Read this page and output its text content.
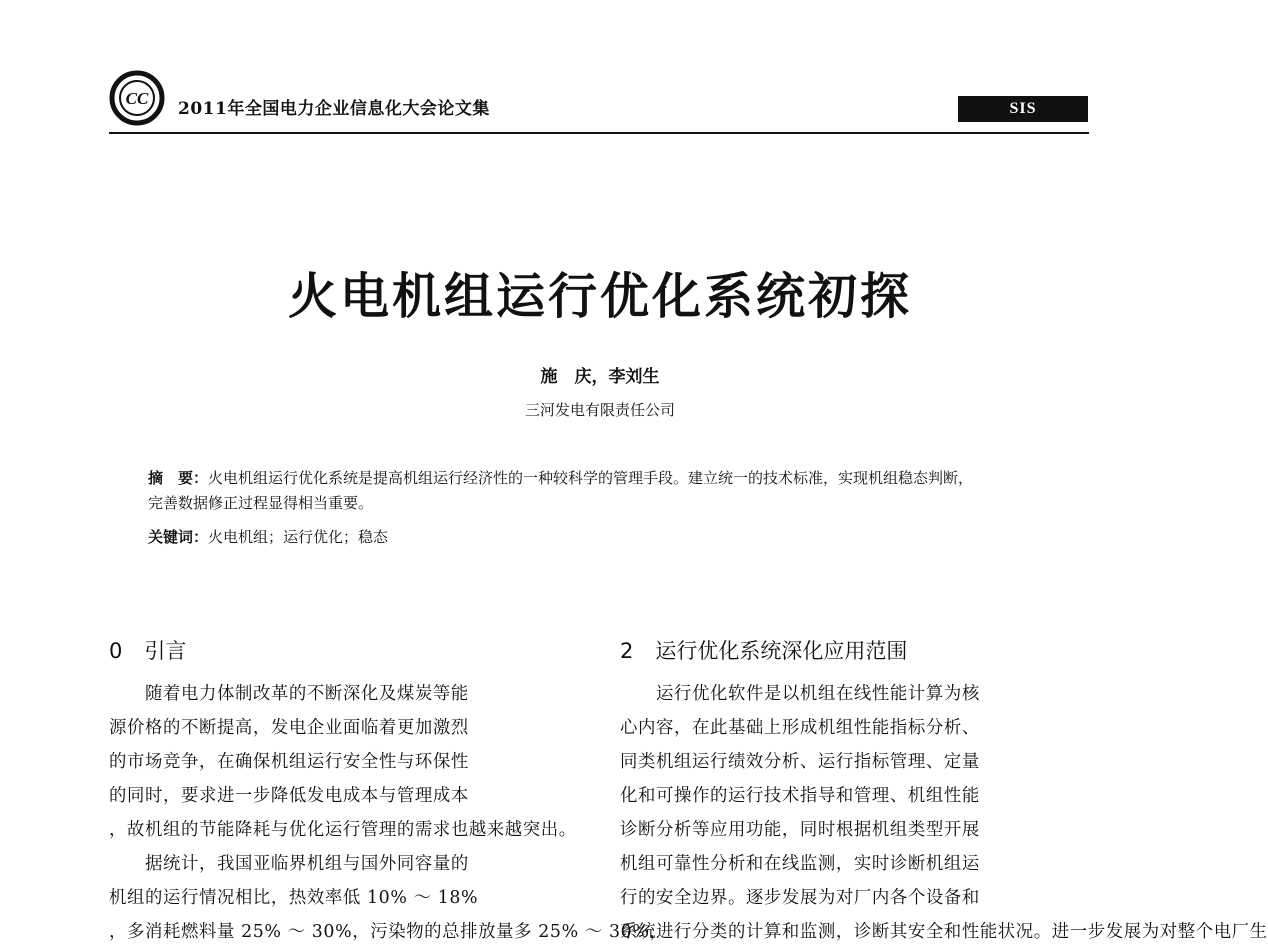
CC
2011年全国电力企业信息化大会论文集	SIS
火电机组运行优化系统初探
施　庆，李刘生
三河发电有限责任公司
摘　要：火电机组运行优化系统是提高机组运行经济性的一种较科学的管理手段。建立统一的技术标准，实现机组稳态判断，
完善数据修正过程显得相当重要。
关键词：火电机组；运行优化；稳态
0 引言

随着电力体制改革的不断深化及煤炭等能
源价格的不断提高，发电企业面临着更加激烈
的市场竞争，在确保机组运行安全性与环保性
的同时，要求进一步降低发电成本与管理成本
，故机组的节能降耗与优化运行管理的需求也越来越突出。

据统计，我国亚临界机组与国外同容量的
机组的运行情况相比，热效率低 10% ～ 18%
，多消耗燃料量 25% ～ 30%，污染物的总排放量多 25% ～ 30%，

2 运行优化系统深化应用范围

运行优化软件是以机组在线性能计算为核
心内容，在此基础上形成机组性能指标分析、
同类机组运行绩效分析、运行指标管理、定量
化和可操作的运行技术指导和管理、机组性能
诊断分析等应用功能，同时根据机组类型开展
机组可靠性分析和在线监测，实时诊断机组运
行的安全边界。逐步发展为对厂内各个设备和
系统进行分类的计算和监测，诊断其安全和性能状况。进一步发展为对整个电厂生
